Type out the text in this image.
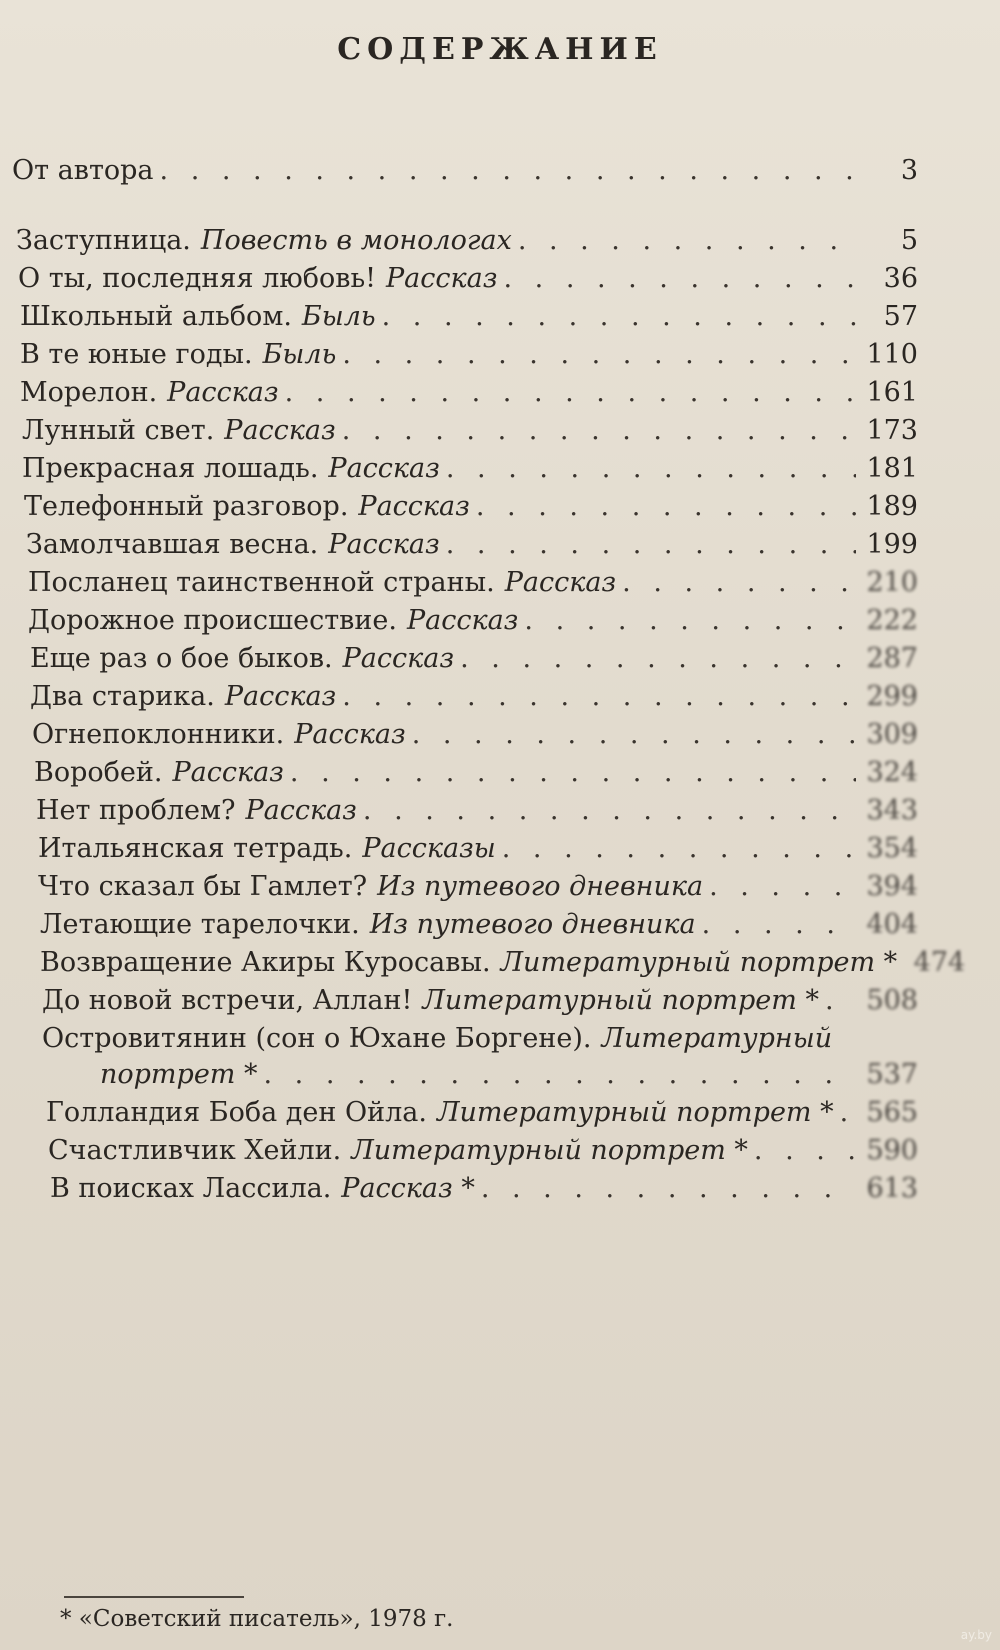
СОДЕРЖАНИЕ
От автора . . .	3
Заступница. Повесть в монологах . . .	5
О ты, последняя любовь! Рассказ . . .	36
Школьный альбом. Быль . . .	57
В те юные годы. Быль . . .	110
Морелон. Рассказ . . .	161
Лунный свет. Рассказ . . .	173
Прекрасная лошадь. Рассказ . . .	181
Телефонный разговор. Рассказ . . .	189
Замолчавшая весна. Рассказ . . .	199
Посланец таинственной страны. Рассказ . . .	210
Дорожное происшествие. Рассказ . . .	222
Еще раз о бое быков. Рассказ . . .	287
Два старика. Рассказ . . .	299
Огнепоклонники. Рассказ . . .	309
Воробей. Рассказ . . .	324
Нет проблем? Рассказ . . .	343
Итальянская тетрадь. Рассказы . . .	354
Что сказал бы Гамлет? Из путевого дневника . . .	394
Летающие тарелочки. Из путевого дневника . . .	404
Возвращение Акиры Куросавы. Литературный портрет * 474
До новой встречи, Аллан! Литературный портрет * . . . 508
Островитянин (сон о Юхане Боргене). Литературный
портрет * . . .	537
Голландия Боба ден Ойла. Литературный портрет * . . . 565
Счастливчик Хейли. Литературный портрет * . . .	590
В поисках Лассила. Рассказ * . . .	613
* «Советский писатель», 1978 г.
ay.by
